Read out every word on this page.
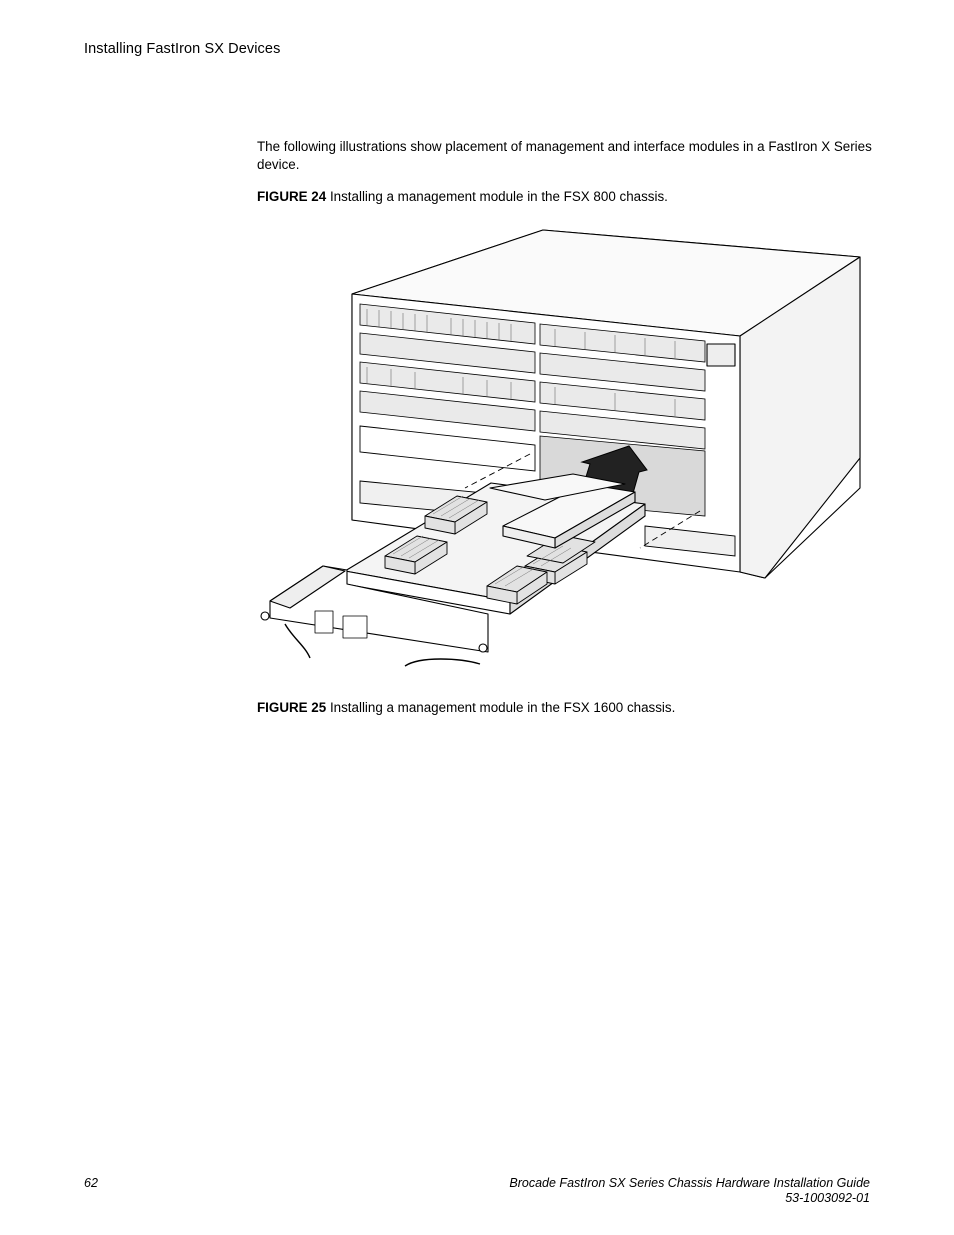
Installing FastIron SX Devices
The following illustrations show placement of management and interface modules in a FastIron X Series device.
FIGURE 24 Installing a management module in the FSX 800 chassis.
FIGURE 25 Installing a management module in the FSX 1600 chassis.
62	Brocade FastIron SX Series Chassis Hardware Installation Guide
53-1003092-01
